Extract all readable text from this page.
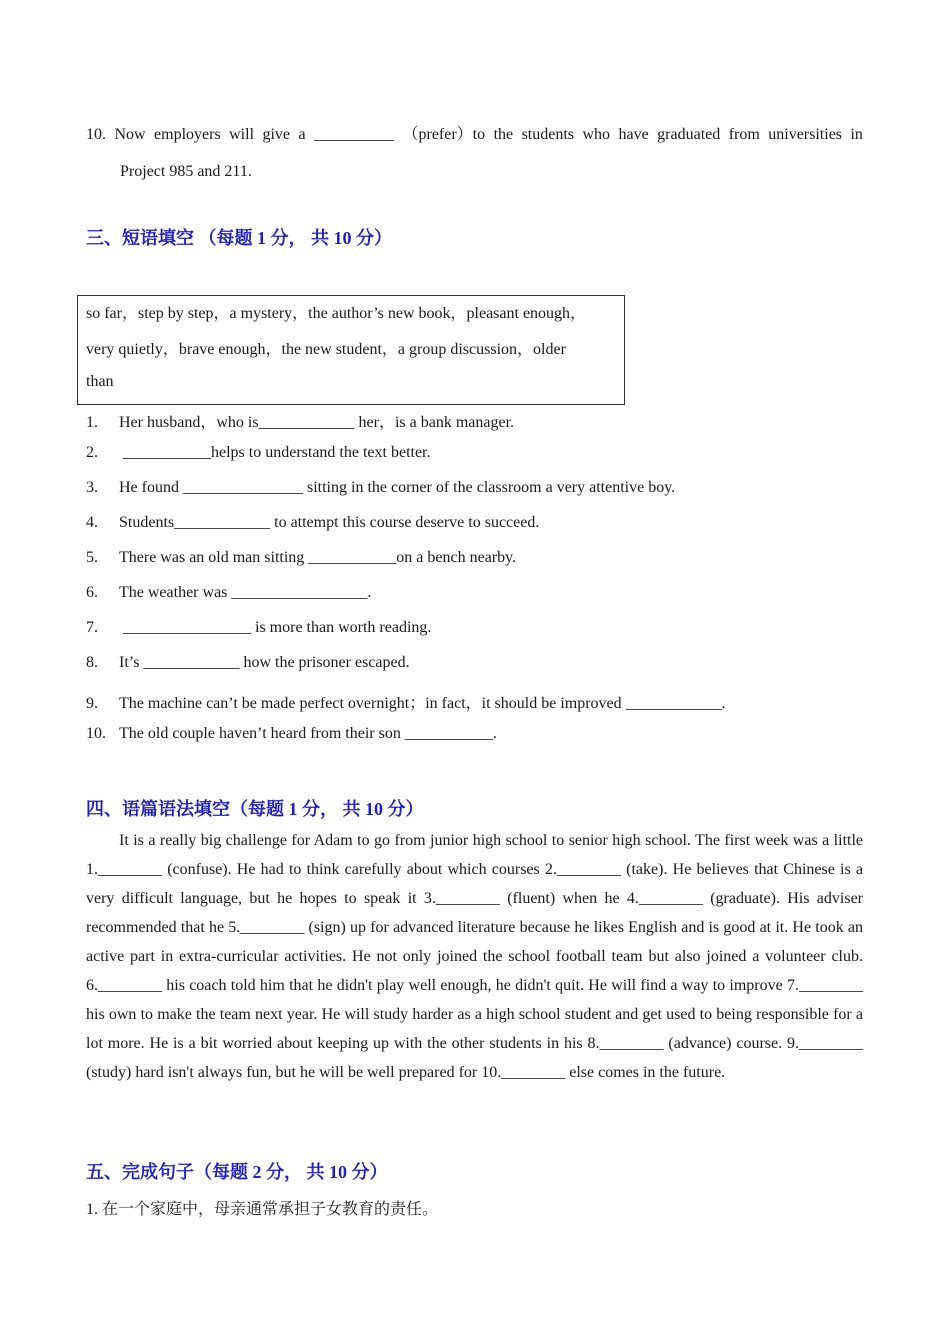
10. Now employers will give a __________ （prefer）to the students who have graduated from universities in
Project 985 and 211.
三、短语填空 （每题 1 分， 共 10 分）
so far，step by step，a mystery，the author’s new book，pleasant enough，
very quietly，brave enough，the new student，a group discussion，older
than
1. Her husband，who is____________ her，is a bank manager.
2. ___________helps to understand the text better.
3. He found _______________ sitting in the corner of the classroom a very attentive boy.
4. Students____________ to attempt this course deserve to succeed.
5. There was an old man sitting ___________on a bench nearby.
6. The weather was _________________.
7. ________________ is more than worth reading.
8. It’s ____________ how the prisoner escaped.
9. The machine can’t be made perfect overnight；in fact，it should be improved ____________.
10. The old couple haven’t heard from their son ___________.
四、语篇语法填空（每题 1 分， 共 10 分）
It is a really big challenge for Adam to go from junior high school to senior high school. The first week was a little 1.________ (confuse). He had to think carefully about which courses 2.________ (take). He believes that Chinese is a very difficult language, but he hopes to speak it 3.________ (fluent) when he 4.________ (graduate). His adviser recommended that he 5.________ (sign) up for advanced literature because he likes English and is good at it. He took an active part in extra-curricular activities. He not only joined the school football team but also joined a volunteer club. 6.________ his coach told him that he didn't play well enough, he didn't quit. He will find a way to improve 7.________ his own to make the team next year. He will study harder as a high school student and get used to being responsible for a lot more. He is a bit worried about keeping up with the other students in his 8.________ (advance) course. 9.________ (study) hard isn't always fun, but he will be well prepared for 10.________ else comes in the future.
五、完成句子（每题 2 分， 共 10 分）
1. 在一个家庭中，母亲通常承担子女教育的责任。
